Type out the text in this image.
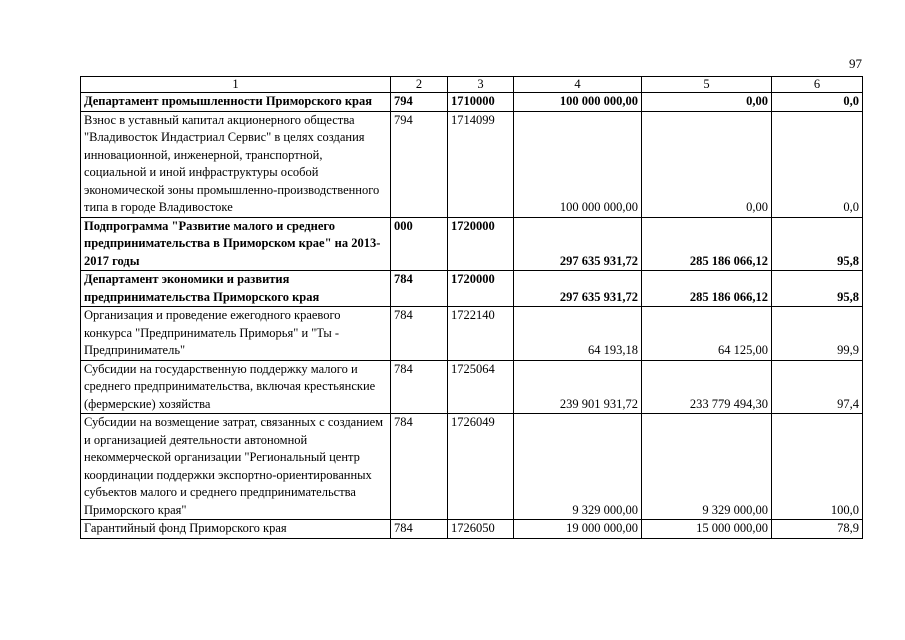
97
1	2	3	4	5	6
Департамент промышленности Приморского края	794	1710000	100 000 000,00	0,00	0,0
Взнос в уставный капитал акционерного общества "Владивосток Индастриал Сервис" в целях создания инновационной, инженерной, транспортной, социальной и иной инфраструктуры особой экономической зоны промышленно-производственного типа в городе Владивостоке	794	1714099	100 000 000,00	0,00	0,0
Подпрограмма "Развитие малого и среднего предпринимательства в Приморском крае" на 2013-2017 годы	000	1720000	297 635 931,72	285 186 066,12	95,8
Департамент экономики и развития предпринимательства Приморского края	784	1720000	297 635 931,72	285 186 066,12	95,8
Организация и проведение ежегодного краевого конкурса "Предприниматель Приморья" и "Ты - Предприниматель"	784	1722140	64 193,18	64 125,00	99,9
Субсидии на государственную поддержку малого и среднего предпринимательства, включая крестьянские (фермерские) хозяйства	784	1725064	239 901 931,72	233 779 494,30	97,4
Субсидии на возмещение затрат, связанных с созданием и организацией деятельности автономной некоммерческой организации "Региональный центр координации поддержки экспортно-ориентированных субъектов малого и среднего предпринимательства Приморского края"	784	1726049	9 329 000,00	9 329 000,00	100,0
Гарантийный фонд Приморского края	784	1726050	19 000 000,00	15 000 000,00	78,9
